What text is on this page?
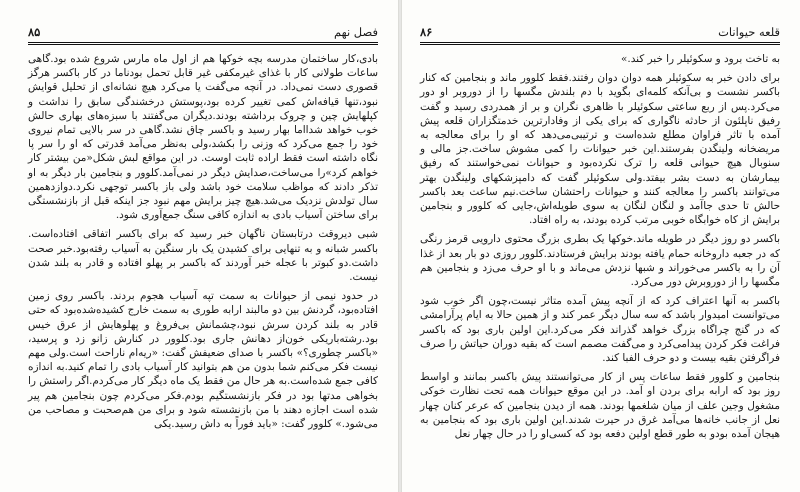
فصل نهم
۸۵

بادی،کار ساختمان مدرسه بچه خوکها هم از اول ماه مارس شروع شده بود.گاهی ساعات طولانی کار با غذای غیرمکفی غیر قابل تحمل بودناما در کار باکسر هرگز قصوری دست نمی‌داد. در آنچه می‌گفت یا می‌کرد هیچ نشانه‌ای از تحلیل قوایش نبود،تنها قیافه‌اش کمی تغییر کرده بود،پوستش درخشندگی سابق را نداشت و کپلهایش چین و چروک برداشته بودند.دیگران می‌گفتند با سبزه‌های بهاری حالش خوب خواهد شدااما بهار رسید و باکسر چاق نشد.گاهی در سر بالایی تمام نیروی خود را جمع می‌کرد که وزنی را بکشد،ولی به‌نظر می‌آمد قدرتی که او را سر پا نگاه داشته است فقط اراده ثابت اوست. در این مواقع لبش شکل«من بیشتر کار خواهم کرد»را می‌ساخت،صدایش دیگر در نمی‌آمد.کلوور و بنجامین بار دیگر به او تذکر دادند که مواظب سلامت خود باشد ولی باز باکسر توجهی نکرد.دوازدهمین سال تولدش نزدیک می‌شد.هیچ چیز برایش مهم نبود جز اینکه قبل از بازنشستگی برای ساختن آسیاب بادی به اندازه کافی سنگ جمع‌آوری شود.

شبی دیروقت درتابستان ناگهان خبر رسید که برای باکسر اتفاقی افتاده‌است. باکسر شبانه و به تنهایی برای کشیدن یک بار سنگین به آسیاب رفته‌بود.خبر صحت داشت.دو کبوتر با عجله خبر آوردند که باکسر بر پهلو افتاده و قادر به بلند شدن نیست.

در حدود نیمی از حیوانات به سمت تپه آسیاب هجوم بردند. باکسر روی زمین افتاده‌بود، گردنش بین دو مالبند ارابه طوری به سمت خارج کشیده‌شده‌بود که حتی قادر به بلند کردن سرش نبود،چشمانش بی‌فروغ و پهلوهایش از عرق خیس بود.رشته‌باریکی خون‌از دهانش جاری بود.کلوور در کنارش زانو زد و پرسید، «باکسر چطوری؟» باکسر با صدای ضعیفش گفت: «ریه‌ام ناراحت است.ولی مهم نیست فکر می‌کنم شما بدون من هم بتوانید کار آسیاب بادی را تمام کنید.به اندازه کافی جمع شده‌است.به هر حال من فقط یک ماه دیگر کار می‌کردم.اگر راستش را بخواهی مدتها بود در فکر بازنشستگیم بودم.فکر می‌کردم چون بنجامین هم پیر شده است اجازه دهند با من بازنشسته شود و برای من هم‌صحبت و مصاحب من می‌شود.» کلوور گفت: «باید فوراً به داش رسید.یکی

قلعه حیوانات
۸۶

به تاخت برود و سکوئیلر را خبر کند.»

برای دادن خبر به سکوئیلر همه دوان دوان رفتند.فقط کلوور ماند و بنجامین که کنار باکسر نشست و بی‌آنکه کلمه‌ای بگوید با دم بلندش مگسها را از دوروبر او دور می‌کرد.پس از ربع ساعتی سکوئیلر با ظاهری نگران و بر از همدردی رسید و گفت رفیق ناپلئون از حادثه ناگواری که برای یکی از وفادارترین خدمتگزاران قلعه پیش آمده با تاثر فراوان مطلع شده‌است و ترتیبی‌می‌دهد که او را برای معالجه به مریضخانه ولینگدن بفرستند.این خبر حیوانات را کمی مشوش ساخت.جز مالی و سنوبال هیچ حیوانی قلعه را ترک نکرده‌بود و حیوانات نمی‌خواستند که رفیق بیمارشان به دست بشر بیفتد.ولی سکوئیلر گفت که دامپزشکهای ولینگدن بهتر می‌توانند باکسر را معالجه کنند و حیوانات راحتشان ساخت.نیم ساعت بعد باکسر حالش تا حدی جا‌آمد و لنگان لنگان به سوی طویله‌اش،جایی که کلوور و بنجامین برایش از کاه خوابگاه خوبی مرتب کرده بودند، به راه افتاد.

باکسر دو روز دیگر در طویله ماند.خوکها یک بطری بزرگ محتوی دارویی قرمز رنگی که در جعبه داروخانه حمام یافته بودند برایش فرستادند.کلوور روزی دو بار بعد از غذا آن را به باکسر می‌خوراند و شبها نزدش می‌ماند و با او حرف می‌زد و بنجامین هم مگسها را از دوروبرش دور می‌کرد.

باکسر به آنها اعتراف کرد که از آنچه پیش آمده متاثر نیست،چون اگر خوب شود می‌توانست امیدوار باشد که سه سال دیگر عمر کند و از همین حالا به ایام پرآرامشی که در گنج چراگاه بزرگ خواهد گذراند فکر می‌کرد.این اولین باری بود که باکسر فراغت فکر کردن پیدامی‌کرد و می‌گفت مصمم است که بقیه دوران حیاتش را صرف فراگرفتن بقیه بیست و دو حرف الفبا کند.

بنجامین و کلوور فقط ساعات پس از کار می‌توانستند پیش باکسر بمانند و اواسط روز بود که ارابه برای بردن او آمد. در این موقع حیوانات همه تحت نظارت خوکی مشغول وجین علف از میان شلغمها بودند. همه از دیدن بنجامین که عرعر کنان چهار نعل از جانب خانه‌ها می‌آمد غرق در حیرت شدند.این اولین باری بود که بنجامین به هیجان آمده بودو به طور قطع اولین دفعه بود که کسی‌او را در حال چهار نعل
